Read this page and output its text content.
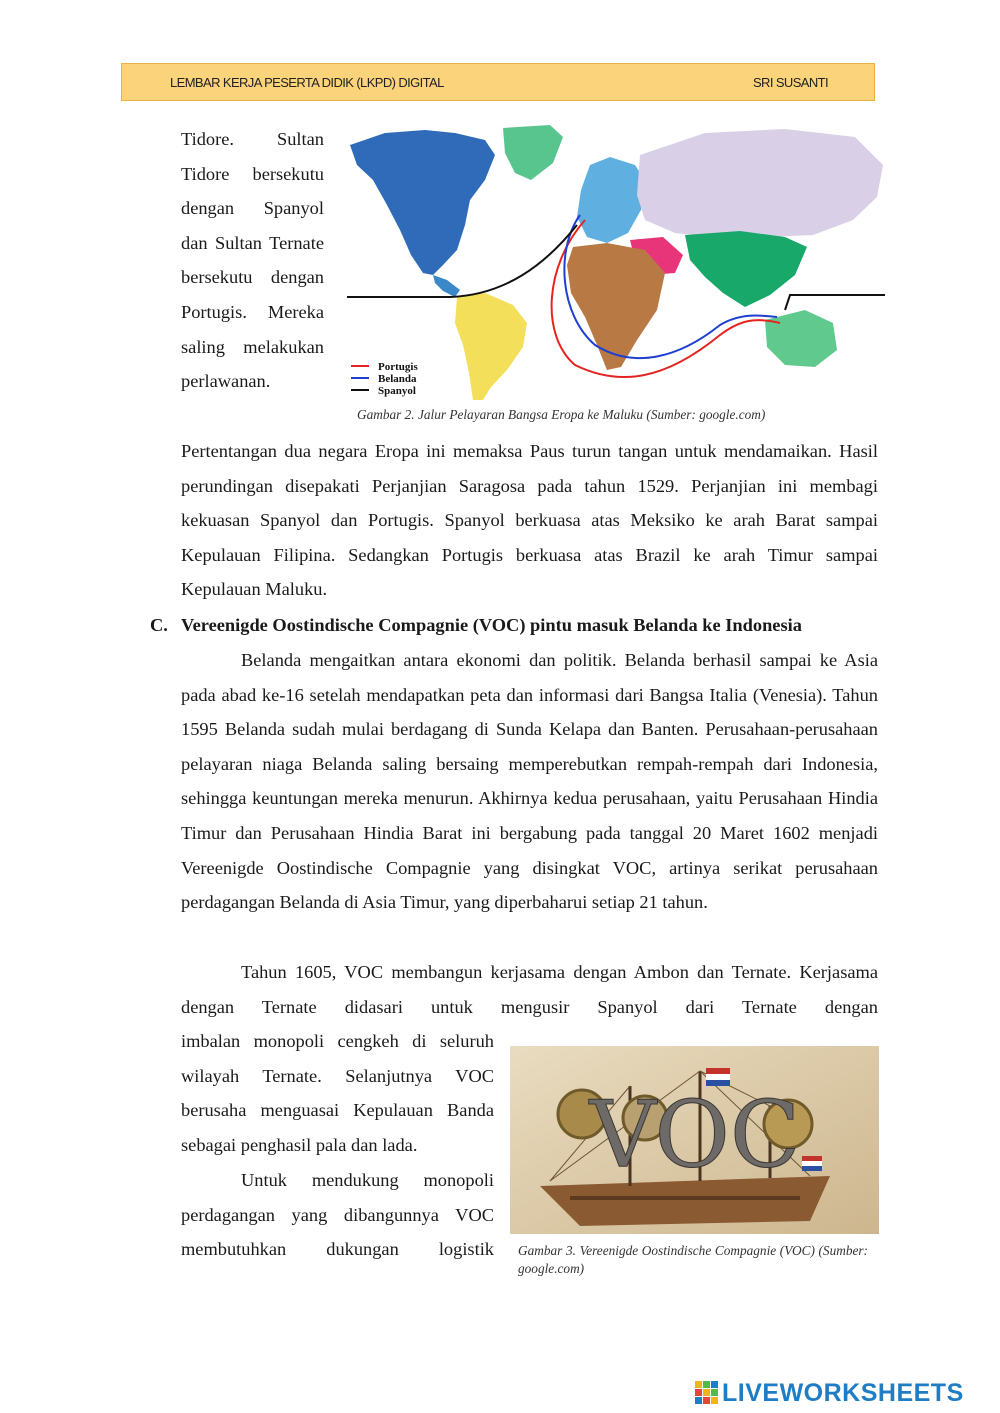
LEMBAR KERJA PESERTA DIDIK (LKPD) DIGITAL	SRI SUSANTI
Tidore. Sultan Tidore bersekutu dengan Spanyol dan Sultan Ternate bersekutu dengan Portugis. Mereka saling melakukan perlawanan.
Portugis
Belanda
Spanyol
Gambar 2. Jalur Pelayaran Bangsa Eropa ke Maluku (Sumber: google.com)
Pertentangan dua negara Eropa ini memaksa Paus turun tangan untuk mendamaikan. Hasil perundingan disepakati Perjanjian Saragosa pada tahun 1529. Perjanjian ini membagi kekuasan Spanyol dan Portugis. Spanyol berkuasa atas Meksiko ke arah Barat sampai Kepulauan Filipina. Sedangkan Portugis berkuasa atas Brazil ke arah Timur sampai Kepulauan Maluku.
C. Vereenigde Oostindische Compagnie (VOC) pintu masuk Belanda ke Indonesia
Belanda mengaitkan antara ekonomi dan politik. Belanda berhasil sampai ke Asia pada abad ke-16 setelah mendapatkan peta dan informasi dari Bangsa Italia (Venesia). Tahun 1595 Belanda sudah mulai berdagang di Sunda Kelapa dan Banten. Perusahaan-perusahaan pelayaran niaga Belanda saling bersaing memperebutkan rempah-rempah dari Indonesia, sehingga keuntungan mereka menurun. Akhirnya kedua perusahaan, yaitu Perusahaan Hindia Timur dan Perusahaan Hindia Barat ini bergabung pada tanggal 20 Maret 1602 menjadi Vereenigde Oostindische Compagnie yang disingkat VOC, artinya serikat perusahaan perdagangan Belanda di Asia Timur, yang diperbaharui setiap 21 tahun.
Tahun 1605, VOC membangun kerjasama dengan Ambon dan Ternate. Kerjasama dengan Ternate didasari untuk mengusir Spanyol dari Ternate dengan
imbalan monopoli cengkeh di seluruh wilayah Ternate. Selanjutnya VOC berusaha menguasai Kepulauan Banda sebagai penghasil pala dan lada.
Untuk mendukung monopoli perdagangan yang dibangunnya VOC membutuhkan dukungan logistik
VOC
Gambar 3. Vereenigde Oostindische Compagnie (VOC) (Sumber: google.com)
LIVEWORKSHEETS
